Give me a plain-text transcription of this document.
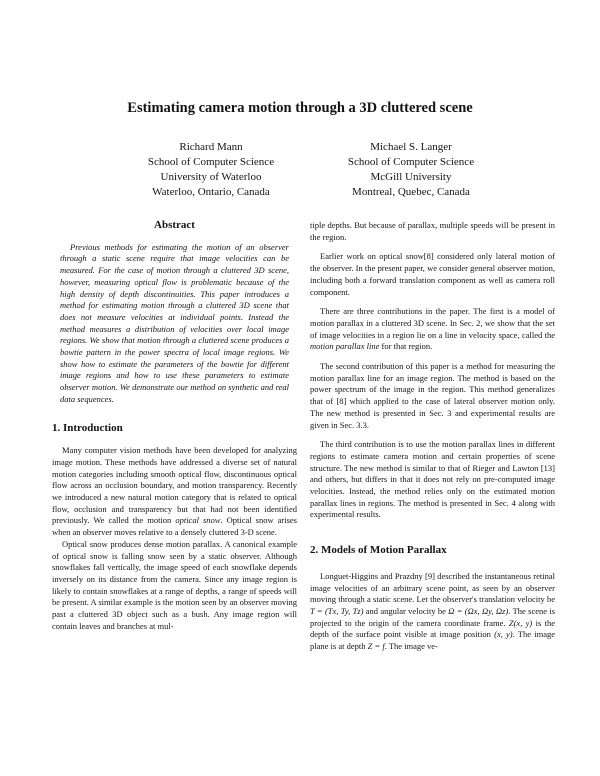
Estimating camera motion through a 3D cluttered scene
Richard Mann
School of Computer Science
University of Waterloo
Waterloo, Ontario, Canada
Michael S. Langer
School of Computer Science
McGill University
Montreal, Quebec, Canada

Abstract

Previous methods for estimating the motion of an observer through a static scene require that image velocities can be measured. For the case of motion through a cluttered 3D scene, however, measuring optical flow is problematic because of the high density of depth discontinuities. This paper introduces a method for estimating motion through a cluttered 3D scene that does not measure velocities at individual points. Instead the method measures a distribution of velocities over local image regions. We show that motion through a cluttered scene produces a bowtie pattern in the power spectra of local image regions. We show how to estimate the parameters of the bowtie for different image regions and how to use these parameters to estimate observer motion. We demonstrate our method on synthetic and real data sequences.

1. Introduction

Many computer vision methods have been developed for analyzing image motion. These methods have addressed a diverse set of natural motion categories including smooth optical flow, discontinuous optical flow across an occlusion boundary, and motion transparency. Recently we introduced a new natural motion category that is related to optical flow, occlusion and transparency but that had not been identified previously. We called the motion optical snow. Optical snow arises when an observer moves relative to a densely cluttered 3-D scene.

Optical snow produces dense motion parallax. A canonical example of optical snow is falling snow seen by a static observer. Although snowflakes fall vertically, the image speed of each snowflake depends inversely on its distance from the camera. Since any image region is likely to contain snowflakes at a range of depths, a range of speeds will be present. A similar example is the motion seen by an observer moving past a cluttered 3D object such as a bush. Any image region will contain leaves and branches at mul-

tiple depths. But because of parallax, multiple speeds will be present in the region.

Earlier work on optical snow[8] considered only lateral motion of the observer. In the present paper, we consider general observer motion, including both a forward translation component as well as camera roll component.

There are three contributions in the paper. The first is a model of motion parallax in a cluttered 3D scene. In Sec. 2, we show that the set of image velocities in a region lie on a line in velocity space, called the motion parallax line for that region.

The second contribution of this paper is a method for measuring the motion parallax line for an image region. The method is based on the power spectrum of the image in the region. This method generalizes that of [8] which applied to the case of lateral observer motion only. The new method is presented in Sec. 3 and experimental results are given in Sec. 3.3.

The third contribution is to use the motion parallax lines in different regions to estimate camera motion and certain properties of scene structure. The new method is similar to that of Rieger and Lawton [13] and others, but differs in that it does not rely on pre-computed image velocities. Instead, the method relies only on the estimated motion parallax lines in regions. The method is presented in Sec. 4 along with experimental results.

2. Models of Motion Parallax

Longuet-Higgins and Prazdny [9] described the instantaneous retinal image velocities of an arbitrary scene point, as seen by an observer moving through a static scene. Let the observer's translation velocity be T = (Tx, Ty, Tz) and angular velocity be Ω = (Ωx, Ωy, Ωz). The scene is projected to the origin of the camera coordinate frame. Z(x, y) is the depth of the surface point visible at image position (x, y). The image plane is at depth Z = f. The image ve-
